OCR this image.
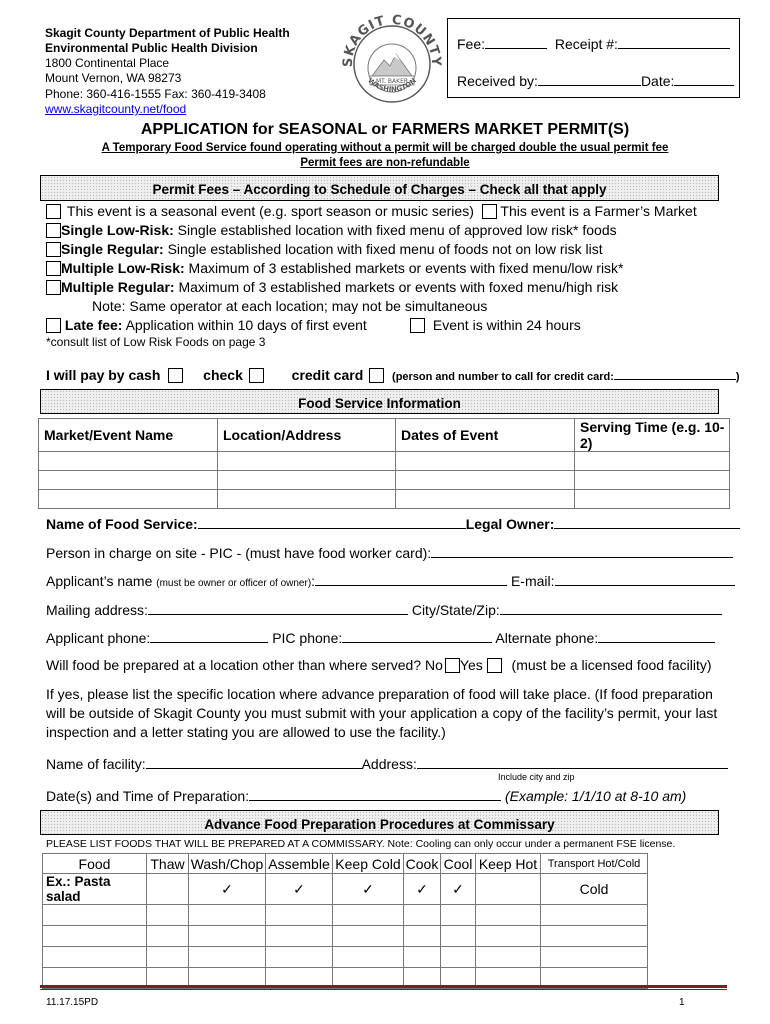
Skagit County Department of Public Health
Environmental Public Health Division
1800 Continental Place
Mount Vernon, WA 98273
Phone: 360-416-1555 Fax: 360-419-3408
www.skagitcounty.net/food
SKAGIT COUNTY
MT. BAKER
WASHINGTON
Fee:	Receipt #:
Received by:	Date:
APPLICATION for SEASONAL or FARMERS MARKET PERMIT(S)
A Temporary Food Service found operating without a permit will be charged double the usual permit fee
Permit fees are non-refundable
Permit Fees – According to Schedule of Charges – Check all that apply
This event is a seasonal event (e.g. sport season or music series) This event is a Farmer’s Market
Single Low-Risk: Single established location with fixed menu of approved low risk* foods
Single Regular: Single established location with fixed menu of foods not on low risk list
Multiple Low-Risk: Maximum of 3 established markets or events with fixed menu/low risk*
Multiple Regular: Maximum of 3 established markets or events with foxed menu/high risk
Note: Same operator at each location; may not be simultaneous
Late fee: Application within 10 days of first event	Event is within 24 hours
*consult list of Low Risk Foods on page 3
I will pay by cash	check	credit card	(person and number to call for credit card:	)
Food Service Information
Market/Event Name	Location/Address	Dates of Event	Serving Time (e.g. 10-2)

Name of Food Service:	Legal Owner:
Person in charge on site - PIC - (must have food worker card):
Applicant’s name (must be owner or officer of owner):	E-mail:
Mailing address:	City/State/Zip:
Applicant phone:	PIC phone:	Alternate phone:
Will food be prepared at a location other than where served? No Yes (must be a licensed food facility)
If yes, please list the specific location where advance preparation of food will take place. (If food preparation will be outside of Skagit County you must submit with your application a copy of the facility’s permit, your last inspection and a letter stating you are allowed to use the facility.)
Name of facility:	Address:
Include city and zip
Date(s) and Time of Preparation:	(Example: 1/1/10 at 8-10 am)
Advance Food Preparation Procedures at Commissary
PLEASE LIST FOODS THAT WILL BE PREPARED AT A COMMISSARY. Note: Cooling can only occur under a permanent FSE license.
Food	Thaw	Wash/Chop	Assemble	Keep Cold	Cook	Cool	Keep Hot	Transport Hot/Cold
Ex.: Pasta salad		✓	✓	✓	✓	✓		Cold

11.17.15PD	1
